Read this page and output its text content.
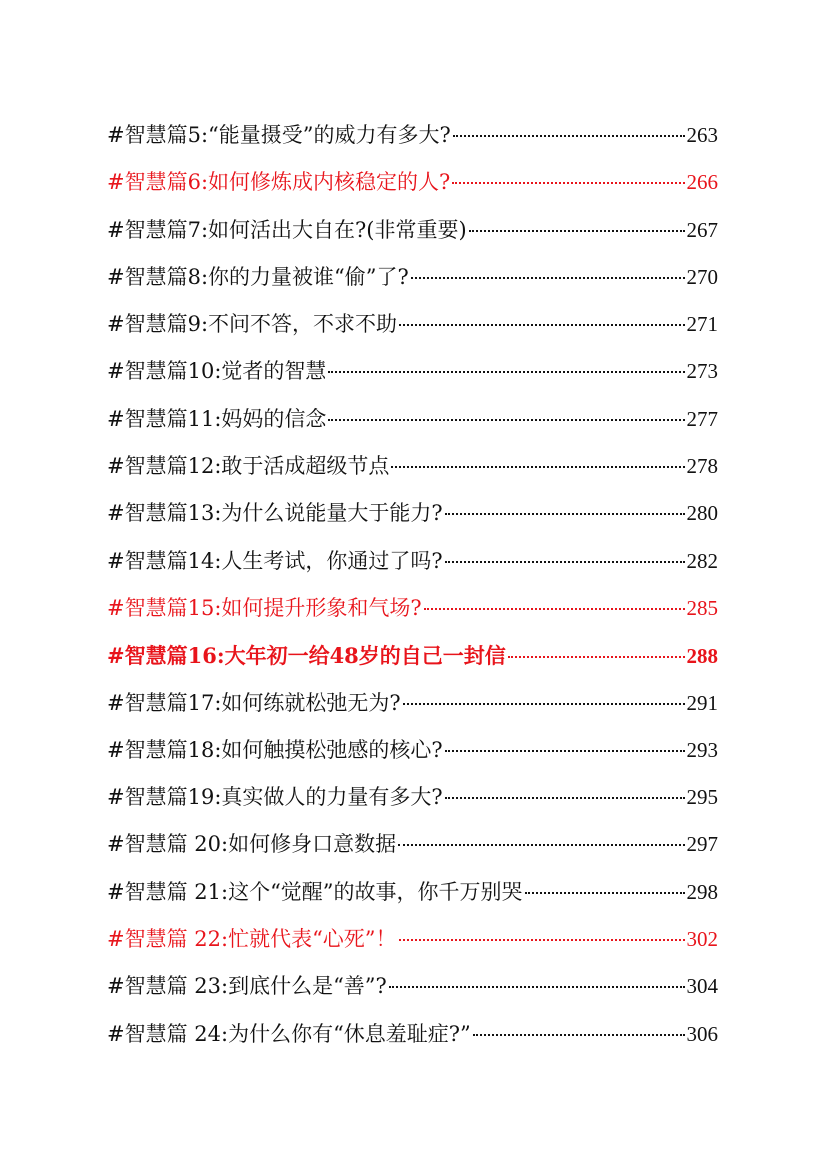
#智慧篇5:“能量摄受”的威力有多大?	263
#智慧篇6:如何修炼成内核稳定的人?	266
#智慧篇7:如何活出大自在?(非常重要)	267
#智慧篇8:你的力量被谁“偷”了?	270
#智慧篇9:不问不答，不求不助	271
#智慧篇10:觉者的智慧	273
#智慧篇11:妈妈的信念	277
#智慧篇12:敢于活成超级节点	278
#智慧篇13:为什么说能量大于能力?	280
#智慧篇14:人生考试，你通过了吗?	282
#智慧篇15:如何提升形象和气场?	285
#智慧篇16:大年初一给48岁的自己一封信	288
#智慧篇17:如何练就松弛无为?	291
#智慧篇18:如何触摸松弛感的核心?	293
#智慧篇19:真实做人的力量有多大?	295
#智慧篇 20:如何修身口意数据	297
#智慧篇 21:这个“觉醒”的故事，你千万别哭	298
#智慧篇 22:忙就代表“心死”！	302
#智慧篇 23:到底什么是“善”?	304
#智慧篇 24:为什么你有“休息羞耻症?”	306
